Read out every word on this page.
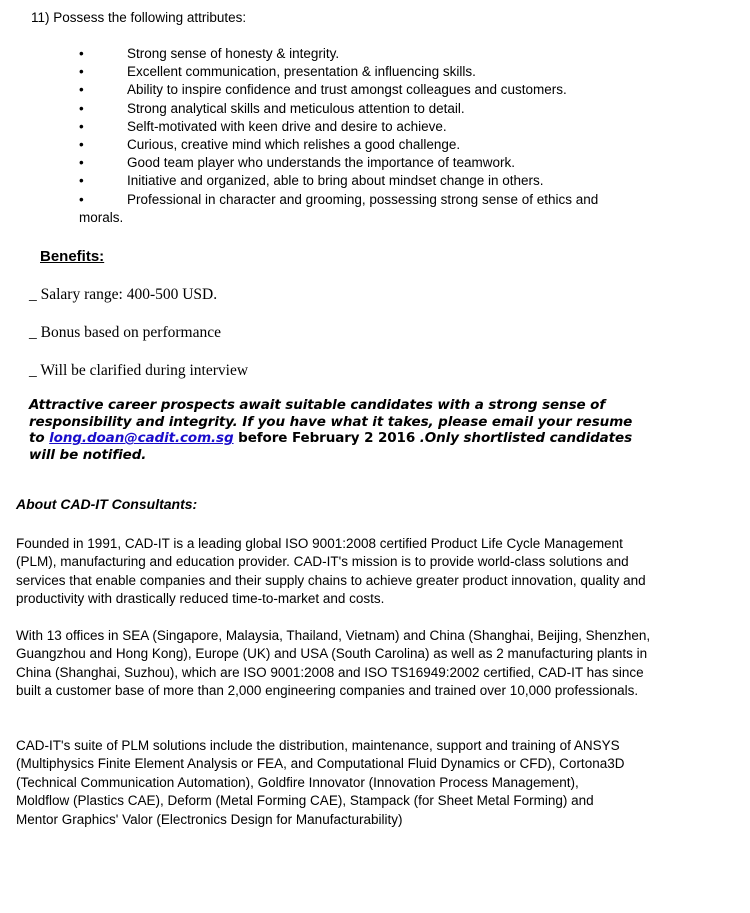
11) Possess the following attributes:
•	Strong sense of honesty & integrity.
•	Excellent communication, presentation & influencing skills.
•	Ability to inspire confidence and trust amongst colleagues and customers.
•	Strong analytical skills and meticulous attention to detail.
•	Selft-motivated with keen drive and desire to achieve.
•	Curious, creative mind which relishes a good challenge.
•	Good team player who understands the importance of teamwork.
•	Initiative and organized, able to bring about mindset change in others.
•	Professional in character and grooming, possessing strong sense of ethics and morals.
Benefits:
_ Salary range: 400-500 USD.
_ Bonus based on performance
_ Will be clarified during interview
Attractive career prospects await suitable candidates with a strong sense of responsibility and integrity. If you have what it takes, please email your resume to long.doan@cadit.com.sg before February 2 2016 .Only shortlisted candidates will be notified.
About CAD-IT Consultants:

Founded in 1991, CAD-IT is a leading global ISO 9001:2008 certified Product Life Cycle Management (PLM), manufacturing and education provider. CAD-IT's mission is to provide world-class solutions and services that enable companies and their supply chains to achieve greater product innovation, quality and productivity with drastically reduced time-to-market and costs.

With 13 offices in SEA (Singapore, Malaysia, Thailand, Vietnam) and China (Shanghai, Beijing, Shenzhen, Guangzhou and Hong Kong), Europe (UK) and USA (South Carolina) as well as 2 manufacturing plants in China (Shanghai, Suzhou), which are ISO 9001:2008 and ISO TS16949:2002 certified, CAD-IT has since built a customer base of more than 2,000 engineering companies and trained over 10,000 professionals.

CAD-IT's suite of PLM solutions include the distribution, maintenance, support and training of ANSYS (Multiphysics Finite Element Analysis or FEA, and Computational Fluid Dynamics or CFD), Cortona3D (Technical Communication Automation), Goldfire Innovator (Innovation Process Management), Moldflow (Plastics CAE), Deform (Metal Forming CAE), Stampack (for Sheet Metal Forming) and Mentor Graphics' Valor (Electronics Design for Manufacturability)
